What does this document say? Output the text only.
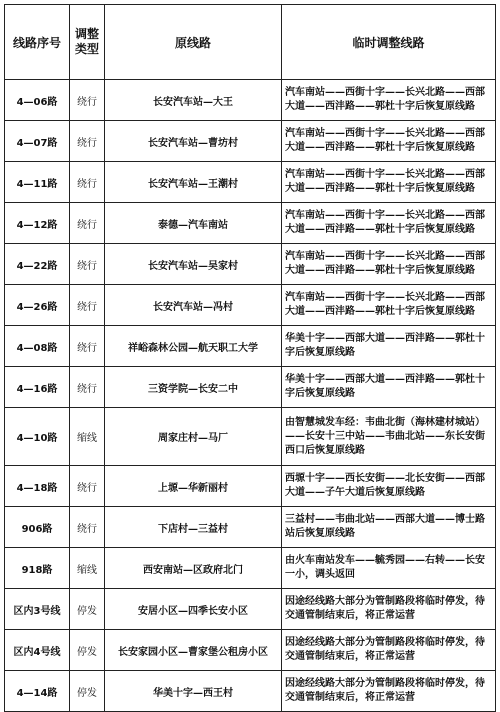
线路序号	调整类型	原线路	临时调整线路
4—06路	绕行	长安汽车站—大王	汽车南站——西街十字——长兴北路——西部大道——西沣路——郭杜十字后恢复原线路
4—07路	绕行	长安汽车站—曹坊村	汽车南站——西街十字——长兴北路——西部大道——西沣路——郭杜十字后恢复原线路
4—11路	绕行	长安汽车站—王潮村	汽车南站——西街十字——长兴北路——西部大道——西沣路——郭杜十字后恢复原线路
4—12路	绕行	泰德—汽车南站	汽车南站——西街十字——长兴北路——西部大道——西沣路——郭杜十字后恢复原线路
4—22路	绕行	长安汽车站—吴家村	汽车南站——西街十字——长兴北路——西部大道——西沣路——郭杜十字后恢复原线路
4—26路	绕行	长安汽车站—冯村	汽车南站——西街十字——长兴北路——西部大道——西沣路——郭杜十字后恢复原线路
4—08路	绕行	祥峪森林公园—航天职工大学	华美十字——西部大道——西沣路——郭杜十字后恢复原线路
4—16路	绕行	三资学院—长安二中	华美十字——西部大道——西沣路——郭杜十字后恢复原线路
4—10路	缩线	周家庄村—马厂	由智慧城发车经：韦曲北街（海林建材城站）——长安十三中站——韦曲北站——东长安街西口后恢复原线路
4—18路	绕行	上塬—华新丽村	西塬十字——西长安街——北长安街——西部大道——子午大道后恢复原线路
906路	绕行	下店村—三益村	三益村——韦曲北站——西部大道——博士路站后恢复原线路
918路	缩线	西安南站—区政府北门	由火车南站发车——毓秀园——右转——长安一小，调头返回
区内3号线	停发	安居小区—四季长安小区	因途经线路大部分为管制路段将临时停发，待交通管制结束后，将正常运营
区内4号线	停发	长安家园小区—曹家堡公租房小区	因途经线路大部分为管制路段将临时停发，待交通管制结束后，将正常运营
4—14路	停发	华美十字—西王村	因途经线路大部分为管制路段将临时停发，待交通管制结束后，将正常运营
